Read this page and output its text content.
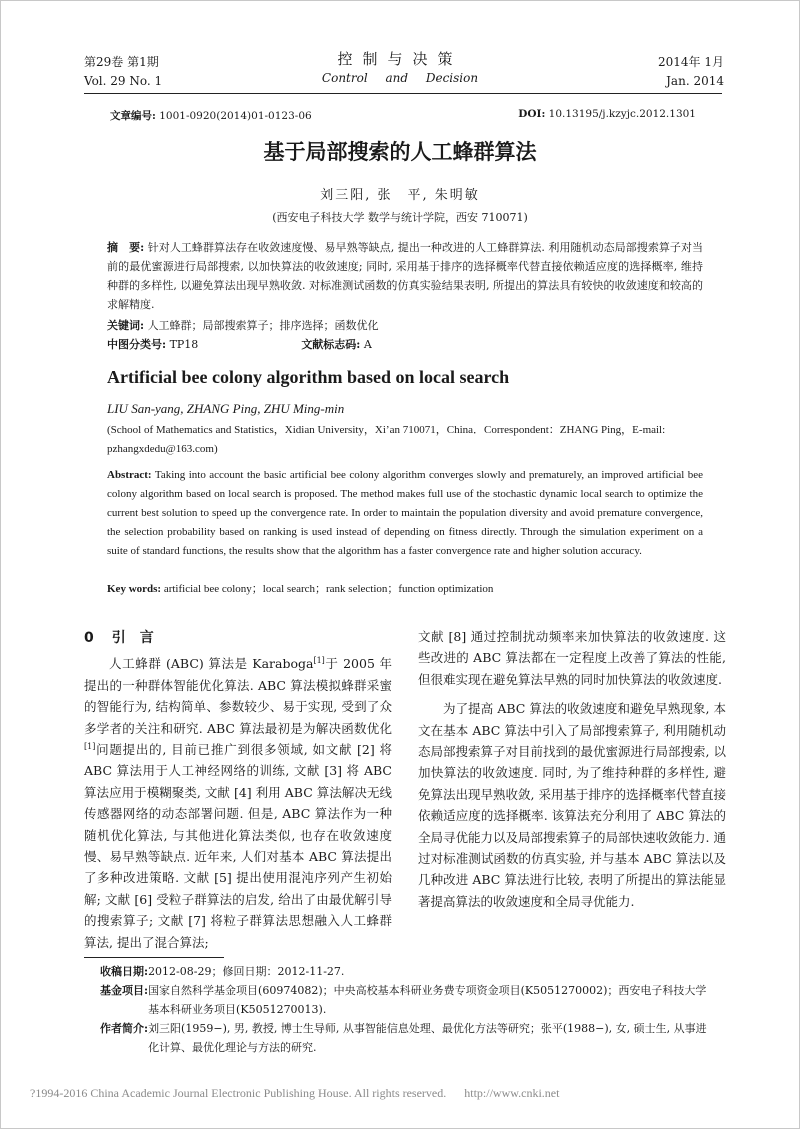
第29卷 第1期
Vol. 29 No. 1
控制与决策
Control and Decision
2014年 1月
Jan. 2014
文章编号: 1001-0920(2014)01-0123-06	DOI: 10.13195/j.kzyjc.2012.1301
基于局部搜索的人工蜂群算法
刘三阳, 张　平, 朱明敏
(西安电子科技大学 数学与统计学院，西安 710071)
摘　要: 针对人工蜂群算法存在收敛速度慢、易早熟等缺点, 提出一种改进的人工蜂群算法. 利用随机动态局部搜索算子对当前的最优蜜源进行局部搜索, 以加快算法的收敛速度; 同时, 采用基于排序的选择概率代替直接依赖适应度的选择概率, 维持种群的多样性, 以避免算法出现早熟收敛. 对标准测试函数的仿真实验结果表明, 所提出的算法具有较快的收敛速度和较高的求解精度.
关键词: 人工蜂群；局部搜索算子；排序选择；函数优化
中图分类号: TP18	文献标志码: A
Artificial bee colony algorithm based on local search
LIU San-yang, ZHANG Ping, ZHU Ming-min
(School of Mathematics and Statistics，Xidian University，Xi’an 710071，China．Correspondent：ZHANG Ping，E-mail: pzhangxdedu@163.com)
Abstract: Taking into account the basic artificial bee colony algorithm converges slowly and prematurely, an improved artificial bee colony algorithm based on local search is proposed. The method makes full use of the stochastic dynamic local search to optimize the current best solution to speed up the convergence rate. In order to maintain the population diversity and avoid premature convergence, the selection probability based on ranking is used instead of depending on fitness directly. Through the simulation experiment on a suite of standard functions, the results show that the algorithm has a faster convergence rate and higher solution accuracy.
Key words: artificial bee colony；local search；rank selection；function optimization
0 引言

人工蜂群 (ABC) 算法是 Karaboga[1]于 2005 年提出的一种群体智能优化算法. ABC 算法模拟蜂群采蜜的智能行为, 结构简单、参数较少、易于实现, 受到了众多学者的关注和研究. ABC 算法最初是为解决函数优化[1]问题提出的, 目前已推广到很多领域, 如文献 [2] 将 ABC 算法用于人工神经网络的训练, 文献 [3] 将 ABC 算法应用于模糊聚类, 文献 [4] 利用 ABC 算法解决无线传感器网络的动态部署问题. 但是, ABC 算法作为一种随机优化算法, 与其他进化算法类似, 也存在收敛速度慢、易早熟等缺点. 近年来, 人们对基本 ABC 算法提出了多种改进策略. 文献 [5] 提出使用混沌序列产生初始解; 文献 [6] 受粒子群算法的启发, 给出了由最优解引导的搜索算子; 文献 [7] 将粒子群算法思想融入人工蜂群算法, 提出了混合算法;

文献 [8] 通过控制扰动频率来加快算法的收敛速度. 这些改进的 ABC 算法都在一定程度上改善了算法的性能, 但很难实现在避免算法早熟的同时加快算法的收敛速度.

为了提高 ABC 算法的收敛速度和避免早熟现象, 本文在基本 ABC 算法中引入了局部搜索算子, 利用随机动态局部搜索算子对目前找到的最优蜜源进行局部搜索, 以加快算法的收敛速度. 同时, 为了维持种群的多样性, 避免算法出现早熟收敛, 采用基于排序的选择概率代替直接依赖适应度的选择概率. 该算法充分利用了 ABC 算法的全局寻优能力以及局部搜索算子的局部快速收敛能力. 通过对标准测试函数的仿真实验, 并与基本 ABC 算法以及几种改进 ABC 算法进行比较, 表明了所提出的算法能显著提高算法的收敛速度和全局寻优能力.

收稿日期: 2012-08-29；修回日期：2012-11-27.
基金项目: 国家自然科学基金项目(60974082)；中央高校基本科研业务费专项资金项目(K5051270002)；西安电子科技大学基本科研业务项目(K5051270013).
作者简介: 刘三阳(1959−), 男, 教授, 博士生导师, 从事智能信息处理、最优化方法等研究；张平(1988−), 女, 硕士生, 从事进化计算、最优化理论与方法的研究.
?1994-2016 China Academic Journal Electronic Publishing House. All rights reserved. http://www.cnki.net
